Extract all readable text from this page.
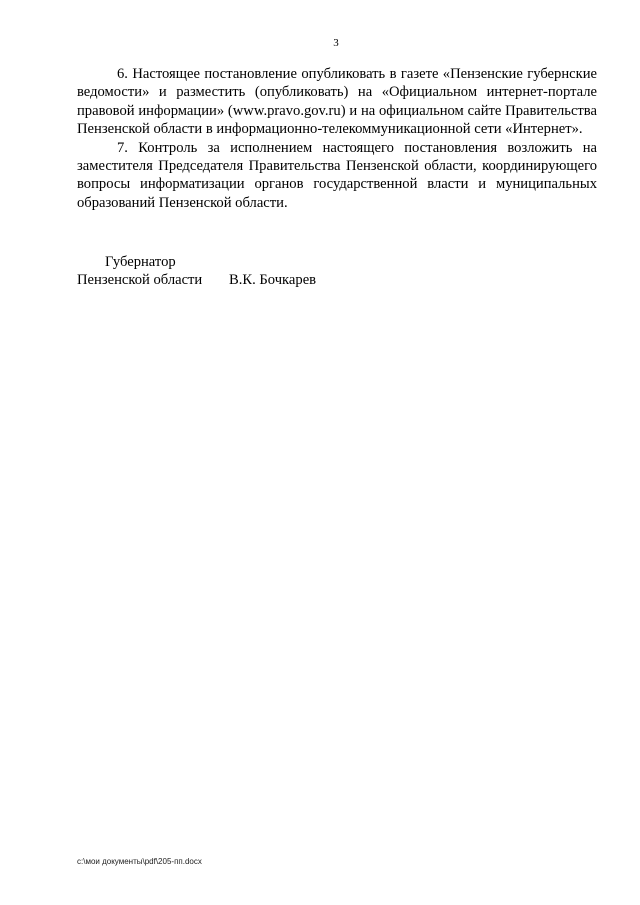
3

6. Настоящее постановление опубликовать в газете «Пензенские губернские ведомости» и разместить (опубликовать) на «Официальном интернет-портале правовой информации» (www.pravo.gov.ru) и на официальном сайте Правительства Пензенской области в информационно-телекоммуникационной сети «Интернет».

7. Контроль за исполнением настоящего постановления возложить на заместителя Председателя Правительства Пензенской области, координирующего вопросы информатизации органов государственной власти и муниципальных образований Пензенской области.

Губернатор
Пензенской области В.К. Бочкарев
c:\мои документы\pdf\205-пп.docx
